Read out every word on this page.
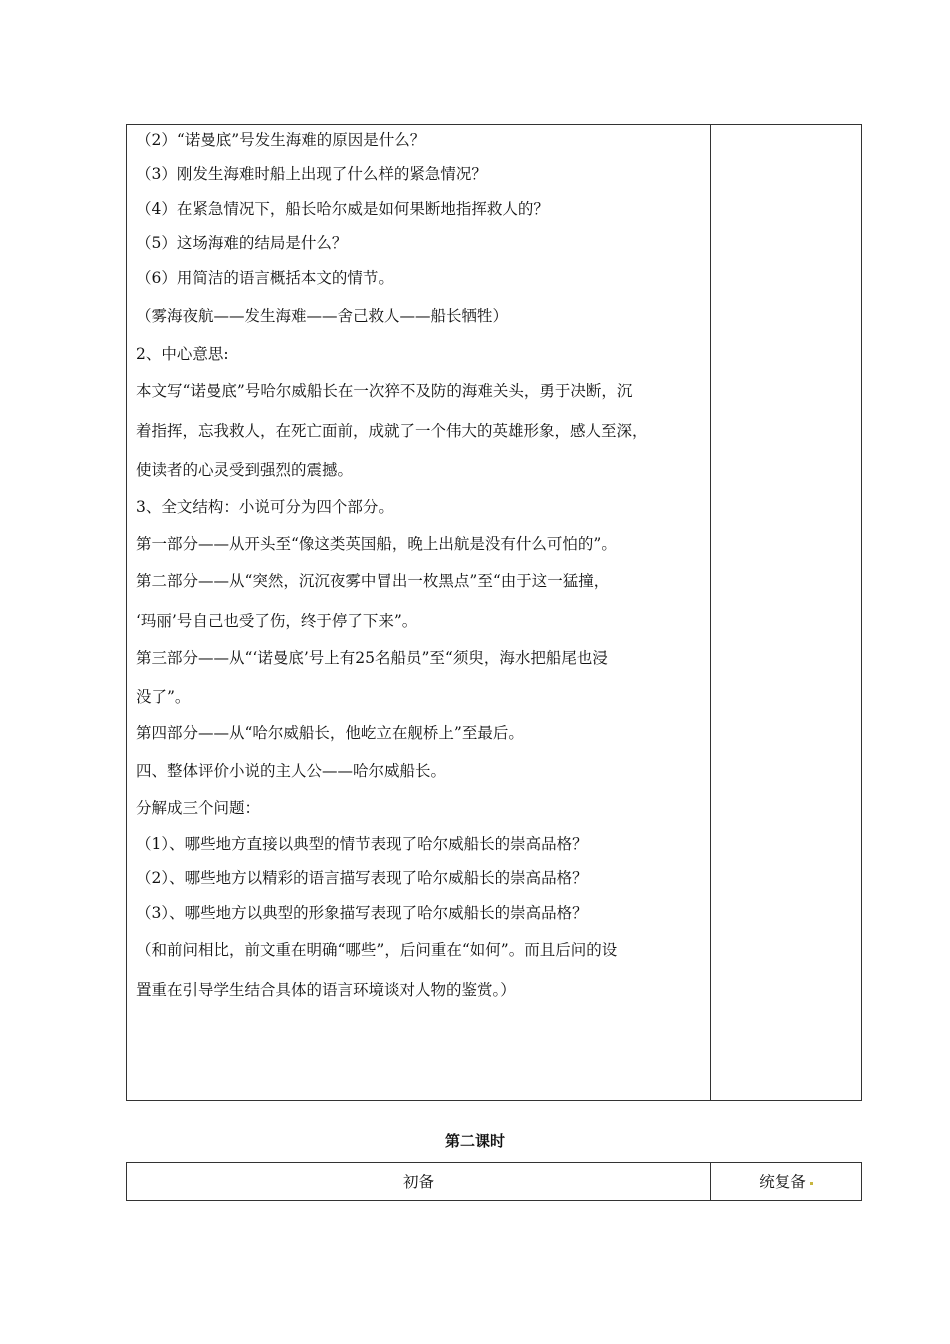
（2）“诺曼底”号发生海难的原因是什么？
（3）刚发生海难时船上出现了什么样的紧急情况？
（4）在紧急情况下，船长哈尔威是如何果断地指挥救人的？
（5）这场海难的结局是什么？
（6）用简洁的语言概括本文的情节。
（雾海夜航——发生海难——舍己救人——船长牺牲）
2、中心意思:
本文写“诺曼底”号哈尔威船长在一次猝不及防的海难关头，勇于决断，沉
着指挥，忘我救人，在死亡面前，成就了一个伟大的英雄形象，感人至深，
使读者的心灵受到强烈的震撼。
3、全文结构：小说可分为四个部分。
第一部分——从开头至“像这类英国船，晚上出航是没有什么可怕的”。
第二部分——从“突然，沉沉夜雾中冒出一枚黑点”至“由于这一猛撞，
‘玛丽’号自己也受了伤，终于停了下来”。
第三部分——从“‘诺曼底’号上有25名船员”至“须臾，海水把船尾也浸
没了”。
第四部分——从“哈尔威船长，他屹立在舰桥上”至最后。
四、整体评价小说的主人公——哈尔威船长。
分解成三个问题：
（1）、哪些地方直接以典型的情节表现了哈尔威船长的崇高品格？
（2）、哪些地方以精彩的语言描写表现了哈尔威船长的崇高品格？
（3）、哪些地方以典型的形象描写表现了哈尔威船长的崇高品格？
（和前问相比，前文重在明确“哪些”，后问重在“如何”。而且后问的设
置重在引导学生结合具体的语言环境谈对人物的鉴赏。）
第二课时
初备	统复备
